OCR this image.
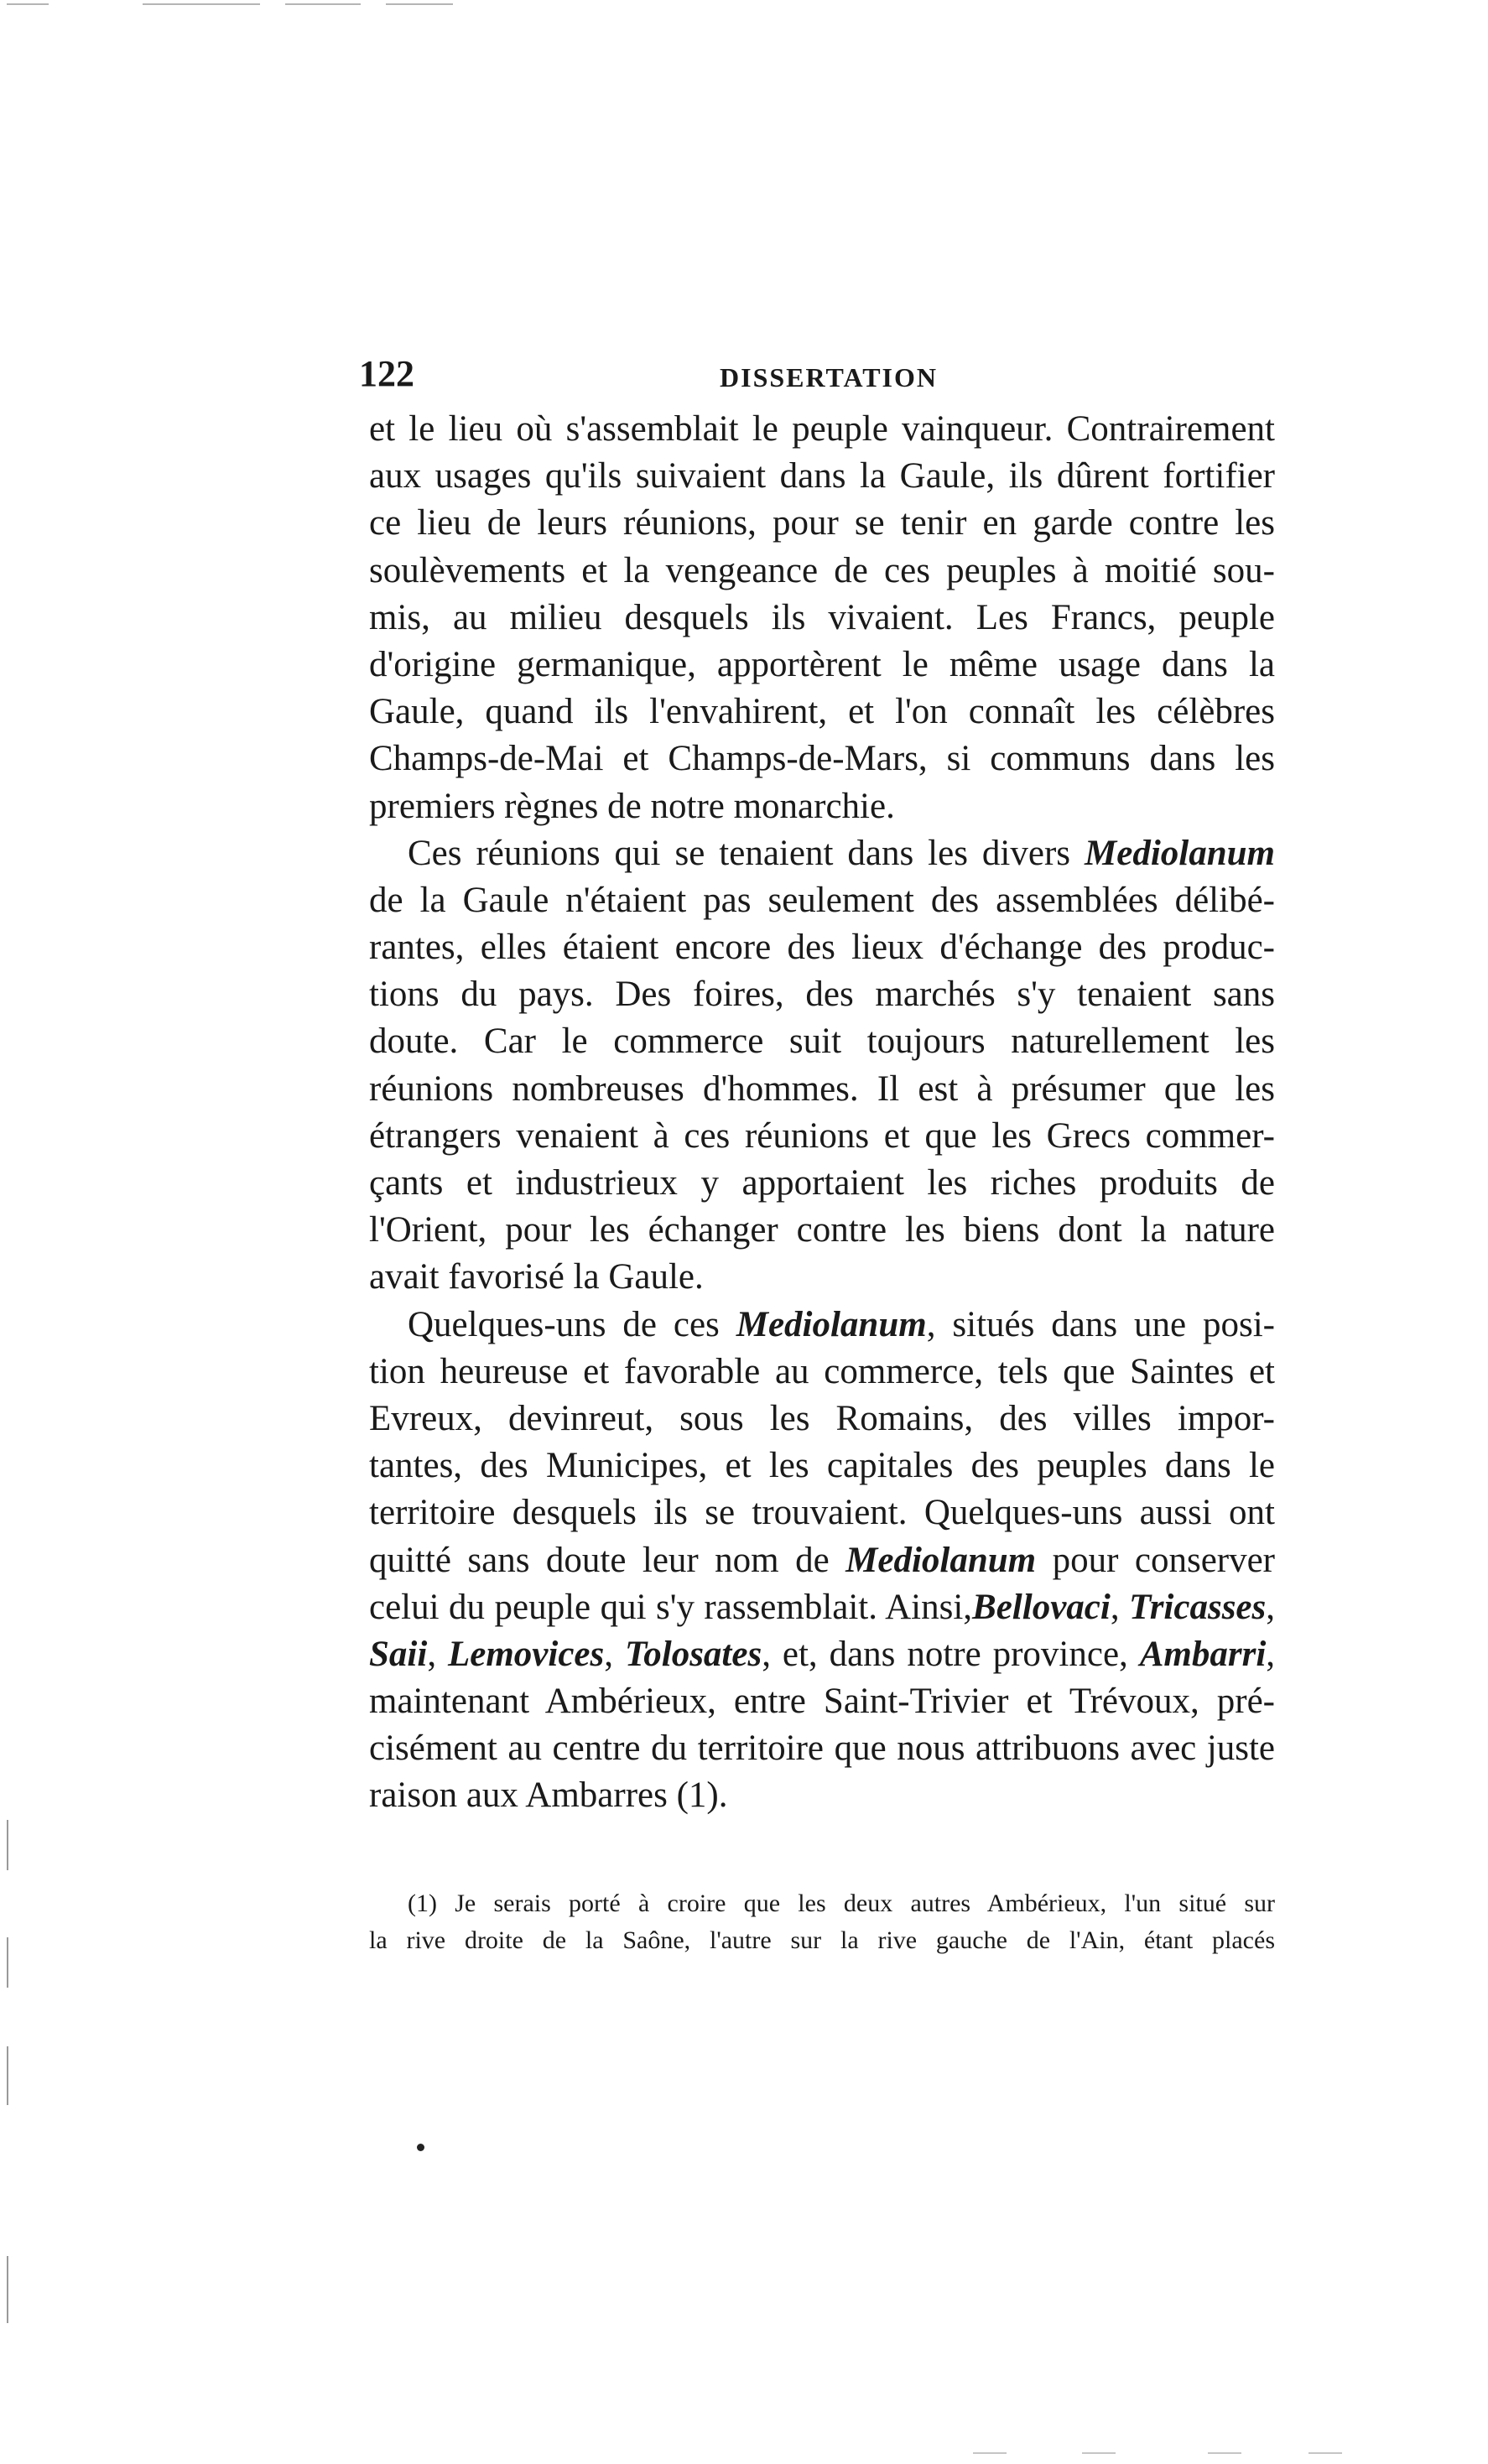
122	DISSERTATION
et le lieu où s'assemblait le peuple vainqueur. Contrairement
aux usages qu'ils suivaient dans la Gaule, ils dûrent fortifier
ce lieu de leurs réunions, pour se tenir en garde contre les
soulèvements et la vengeance de ces peuples à moitié sou-
mis, au milieu desquels ils vivaient. Les Francs, peuple
d'origine germanique, apportèrent le même usage dans la
Gaule, quand ils l'envahirent, et l'on connaît les célèbres
Champs-de-Mai et Champs-de-Mars, si communs dans les
premiers règnes de notre monarchie.
Ces réunions qui se tenaient dans les divers Mediolanum
de la Gaule n'étaient pas seulement des assemblées délibé-
rantes, elles étaient encore des lieux d'échange des produc-
tions du pays. Des foires, des marchés s'y tenaient sans
doute. Car le commerce suit toujours naturellement les
réunions nombreuses d'hommes. Il est à présumer que les
étrangers venaient à ces réunions et que les Grecs commer-
çants et industrieux y apportaient les riches produits de
l'Orient, pour les échanger contre les biens dont la nature
avait favorisé la Gaule.
Quelques-uns de ces Mediolanum, situés dans une posi-
tion heureuse et favorable au commerce, tels que Saintes et
Evreux, devinreut, sous les Romains, des villes impor-
tantes, des Municipes, et les capitales des peuples dans le
territoire desquels ils se trouvaient. Quelques-uns aussi ont
quitté sans doute leur nom de Mediolanum pour conserver
celui du peuple qui s'y rassemblait. Ainsi,Bellovaci, Tricasses,
Saii, Lemovices, Tolosates, et, dans notre province, Ambarri,
maintenant Ambérieux, entre Saint-Trivier et Trévoux, pré-
cisément au centre du territoire que nous attribuons avec juste
raison aux Ambarres (1).
(1) Je serais porté à croire que les deux autres Ambérieux, l'un situé sur
la rive droite de la Saône, l'autre sur la rive gauche de l'Ain, étant placés
